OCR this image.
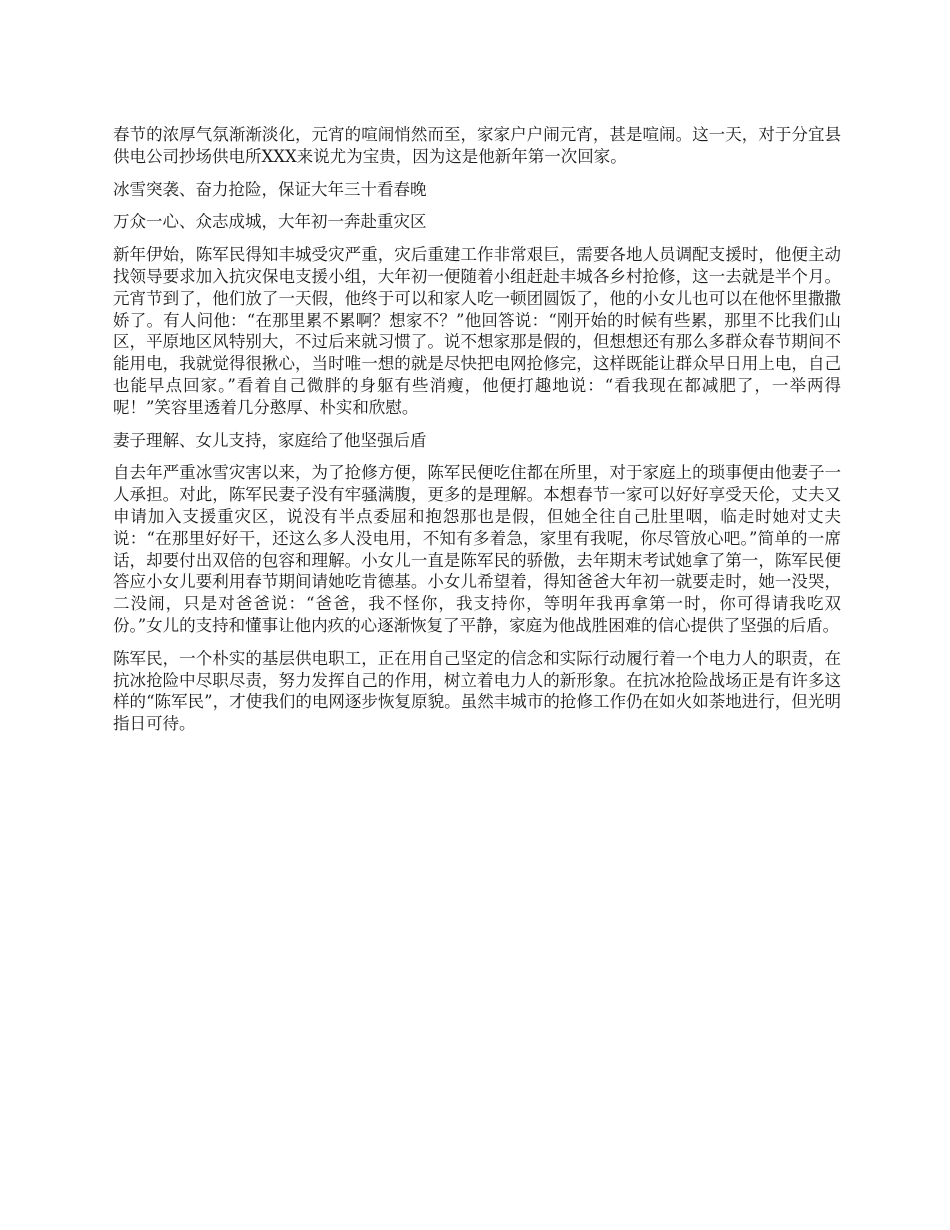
春节的浓厚气氛渐渐淡化，元宵的喧闹悄然而至，家家户户闹元宵，甚是喧闹。这一天，对于分宜县供电公司抄场供电所XXX来说尤为宝贵，因为这是他新年第一次回家。

冰雪突袭、奋力抢险，保证大年三十看春晚

万众一心、众志成城，大年初一奔赴重灾区

新年伊始，陈军民得知丰城受灾严重，灾后重建工作非常艰巨，需要各地人员调配支援时，他便主动找领导要求加入抗灾保电支援小组，大年初一便随着小组赶赴丰城各乡村抢修，这一去就是半个月。元宵节到了，他们放了一天假，他终于可以和家人吃一顿团圆饭了，他的小女儿也可以在他怀里撒撒娇了。有人问他：“在那里累不累啊？想家不？”他回答说：“刚开始的时候有些累，那里不比我们山区，平原地区风特别大，不过后来就习惯了。说不想家那是假的，但想想还有那么多群众春节期间不能用电，我就觉得很揪心，当时唯一想的就是尽快把电网抢修完，这样既能让群众早日用上电，自己也能早点回家。”看着自己微胖的身躯有些消瘦，他便打趣地说：“看我现在都减肥了，一举两得呢！”笑容里透着几分憨厚、朴实和欣慰。

妻子理解、女儿支持，家庭给了他坚强后盾

自去年严重冰雪灾害以来，为了抢修方便，陈军民便吃住都在所里，对于家庭上的琐事便由他妻子一人承担。对此，陈军民妻子没有牢骚满腹，更多的是理解。本想春节一家可以好好享受天伦，丈夫又申请加入支援重灾区，说没有半点委屈和抱怨那也是假，但她全往自己肚里咽，临走时她对丈夫说：“在那里好好干，还这么多人没电用，不知有多着急，家里有我呢，你尽管放心吧。”简单的一席话，却要付出双倍的包容和理解。小女儿一直是陈军民的骄傲，去年期末考试她拿了第一，陈军民便答应小女儿要利用春节期间请她吃肯德基。小女儿希望着，得知爸爸大年初一就要走时，她一没哭，二没闹，只是对爸爸说：“爸爸，我不怪你，我支持你，等明年我再拿第一时，你可得请我吃双份。”女儿的支持和懂事让他内疚的心逐渐恢复了平静，家庭为他战胜困难的信心提供了坚强的后盾。

陈军民，一个朴实的基层供电职工，正在用自己坚定的信念和实际行动履行着一个电力人的职责，在抗冰抢险中尽职尽责，努力发挥自己的作用，树立着电力人的新形象。在抗冰抢险战场正是有许多这样的“陈军民”，才使我们的电网逐步恢复原貌。虽然丰城市的抢修工作仍在如火如荼地进行，但光明指日可待。
